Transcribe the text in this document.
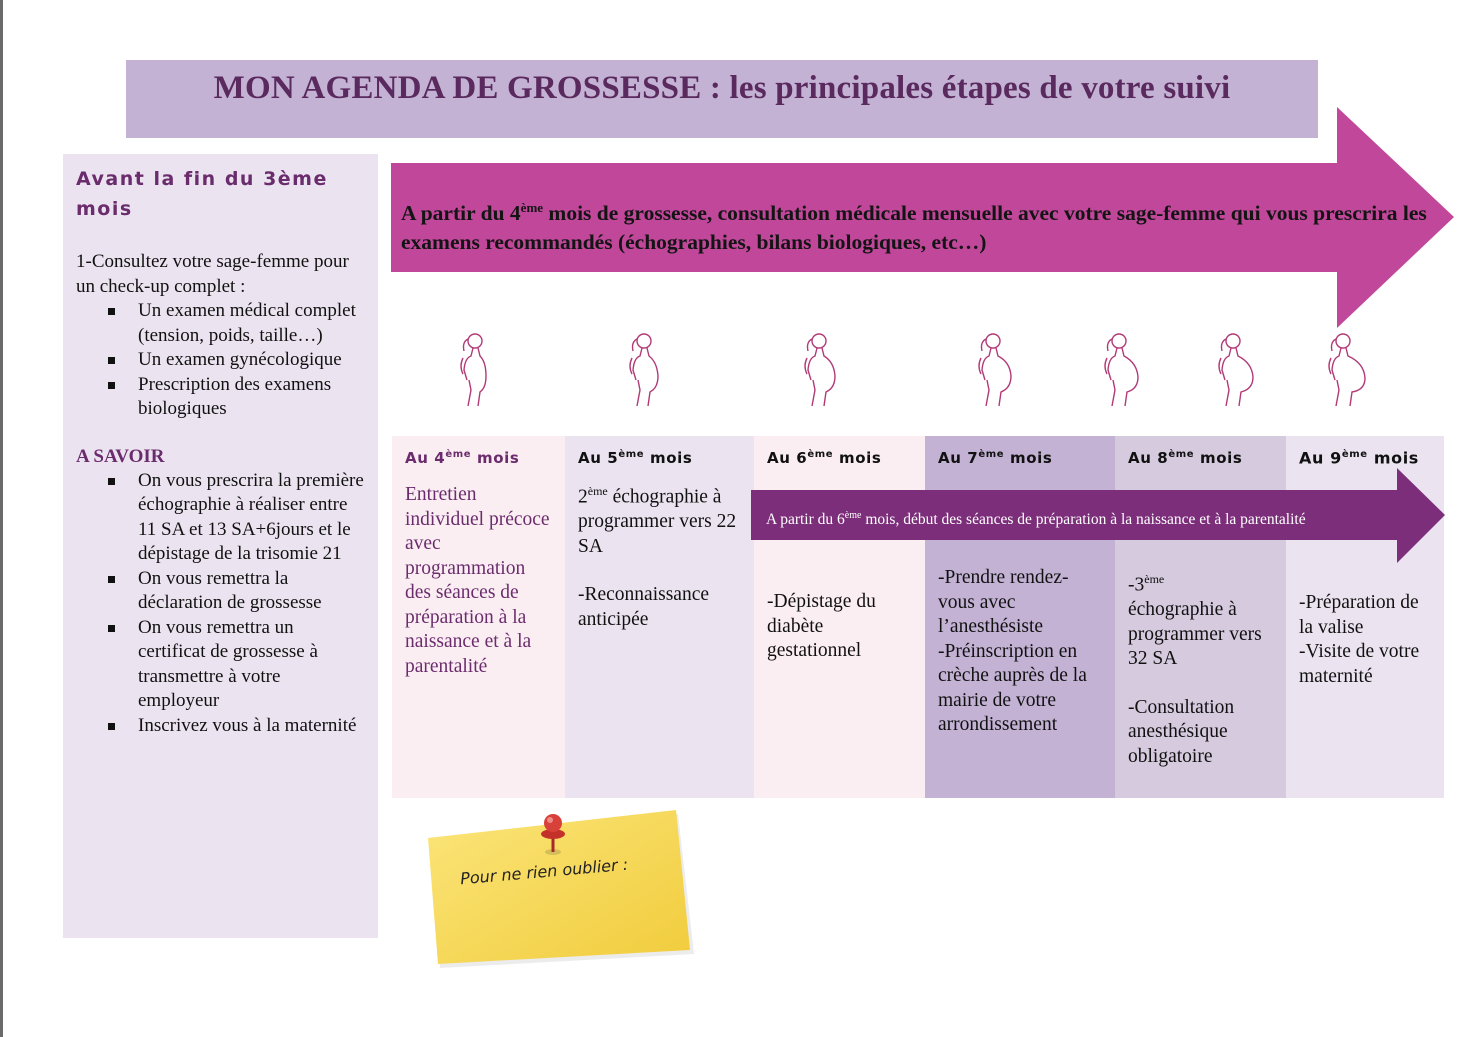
MON AGENDA DE GROSSESSE : les principales étapes de votre suivi
Avant la fin du 3ème mois

1-Consultez votre sage-femme pour un check-up complet :

Un examen médical complet (tension, poids, taille…)
Un examen gynécologique
Prescription des examens biologiques
A SAVOIR
On vous prescrira la première échographie à réaliser entre 11 SA et 13 SA+6jours et le dépistage de la trisomie 21
On vous remettra la déclaration de grossesse
On vous remettra un certificat de grossesse à transmettre à votre employeur
Inscrivez vous à la maternité
A partir du 4ème mois de grossesse, consultation médicale mensuelle avec votre sage-femme qui vous prescrira les examens recommandés (échographies, bilans biologiques, etc…)
Au 4ème mois
Entretien individuel précoce avec programmation des séances de préparation à la naissance et à la parentalité
Au 5ème mois
2ème échographie à programmer vers 22 SA
-Reconnaissance anticipée
Au 6ème mois
-Dépistage du diabète gestationnel
Au 7ème mois
-Prendre rendez-vous avec l’anesthésiste
-Préinscription en crèche auprès de la mairie de votre arrondissement
Au 8ème mois
-3ème
échographie à programmer vers 32 SA
-Consultation anesthésique obligatoire
Au 9ème mois
-Préparation de la valise
-Visite de votre maternité
A partir du 6ème mois, début des séances de préparation à la naissance et à la parentalité
Pour ne rien oublier :
